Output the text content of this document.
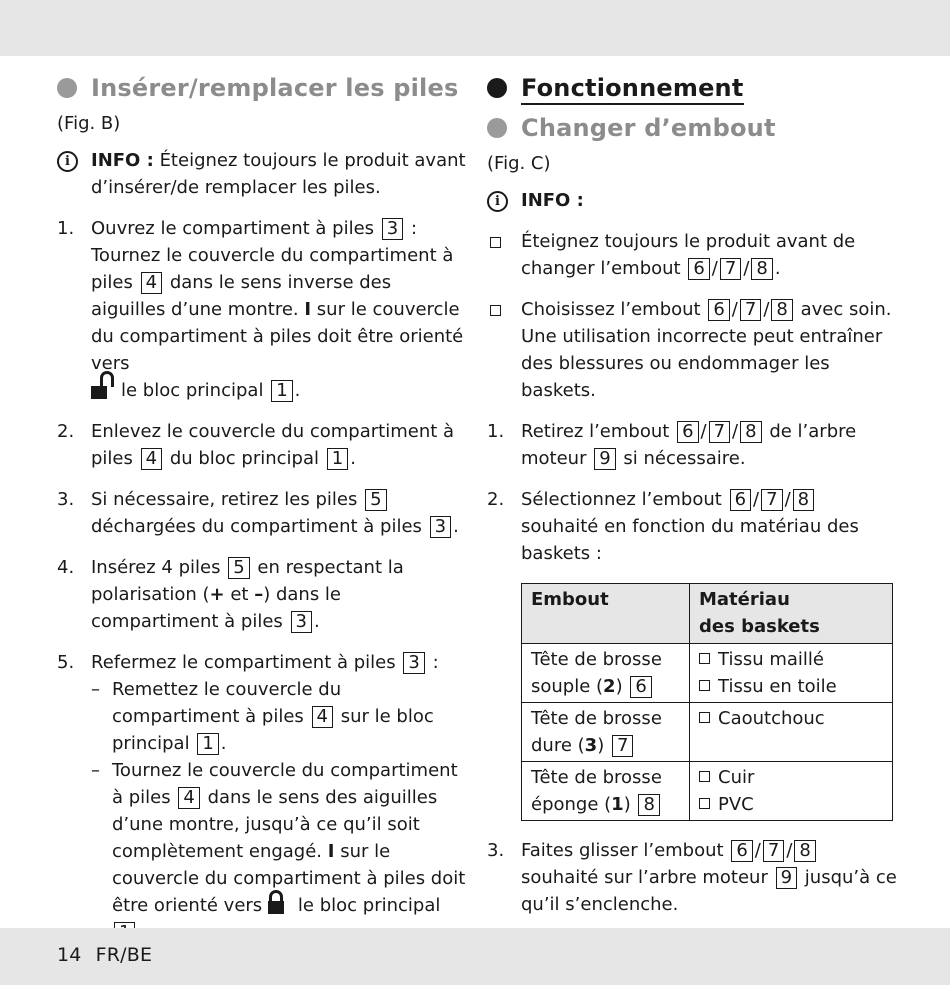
Insérer/remplacer les piles
(Fig. B)
i	INFO : Éteignez toujours le produit avant d’insérer/de remplacer les piles.
1. Ouvrez le compartiment à piles 3 : Tournez le couvercle du compartiment à piles 4 dans le sens inverse des aiguilles d’une montre. I sur le couvercle du compartiment à piles doit être orienté vers
le bloc principal 1 .
2. Enlevez le couvercle du compartiment à piles 4 du bloc principal 1 .
3. Si nécessaire, retirez les piles 5 déchargées du compartiment à piles 3 .
4. Insérez 4 piles 5 en respectant la polarisation (+ et –) dans le compartiment à piles 3 .
5. Refermez le compartiment à piles 3 :
– Remettez le couvercle du compartiment à piles 4 sur le bloc principal 1 .
– Tournez le couvercle du compartiment à piles 4 dans le sens des aiguilles d’une montre, jusqu’à ce qu’il soit complètement engagé. I sur le couvercle du compartiment à piles doit être orienté vers le bloc principal
Fonctionnement
Changer d’embout
(Fig. C)
i	INFO :
Éteignez toujours le produit avant de changer l’embout 6 / 7 / 8 .
Choisissez l’embout 6 / 7 / 8 avec soin. Une utilisation incorrecte peut entraîner des blessures ou endommager les baskets.
1. Retirez l’embout 6 / 7 / 8 de l’arbre moteur 9 si nécessaire.
2. Sélectionnez l’embout 6 / 7 / 8 souhaité en fonction du matériau des baskets :
Embout	Matériau
des baskets

Tête de brosse
souple (2) 6	Tissu maillé
Tissu en toile

Tête de brosse
dure (3) 7	Caoutchouc

Tête de brosse
éponge (1) 8	Cuir
PVC
3. Faites glisser l’embout 6 / 7 / 8 souhaité sur l’arbre moteur 9 jusqu’à ce qu’il s’enclenche.
14 FR/BE
